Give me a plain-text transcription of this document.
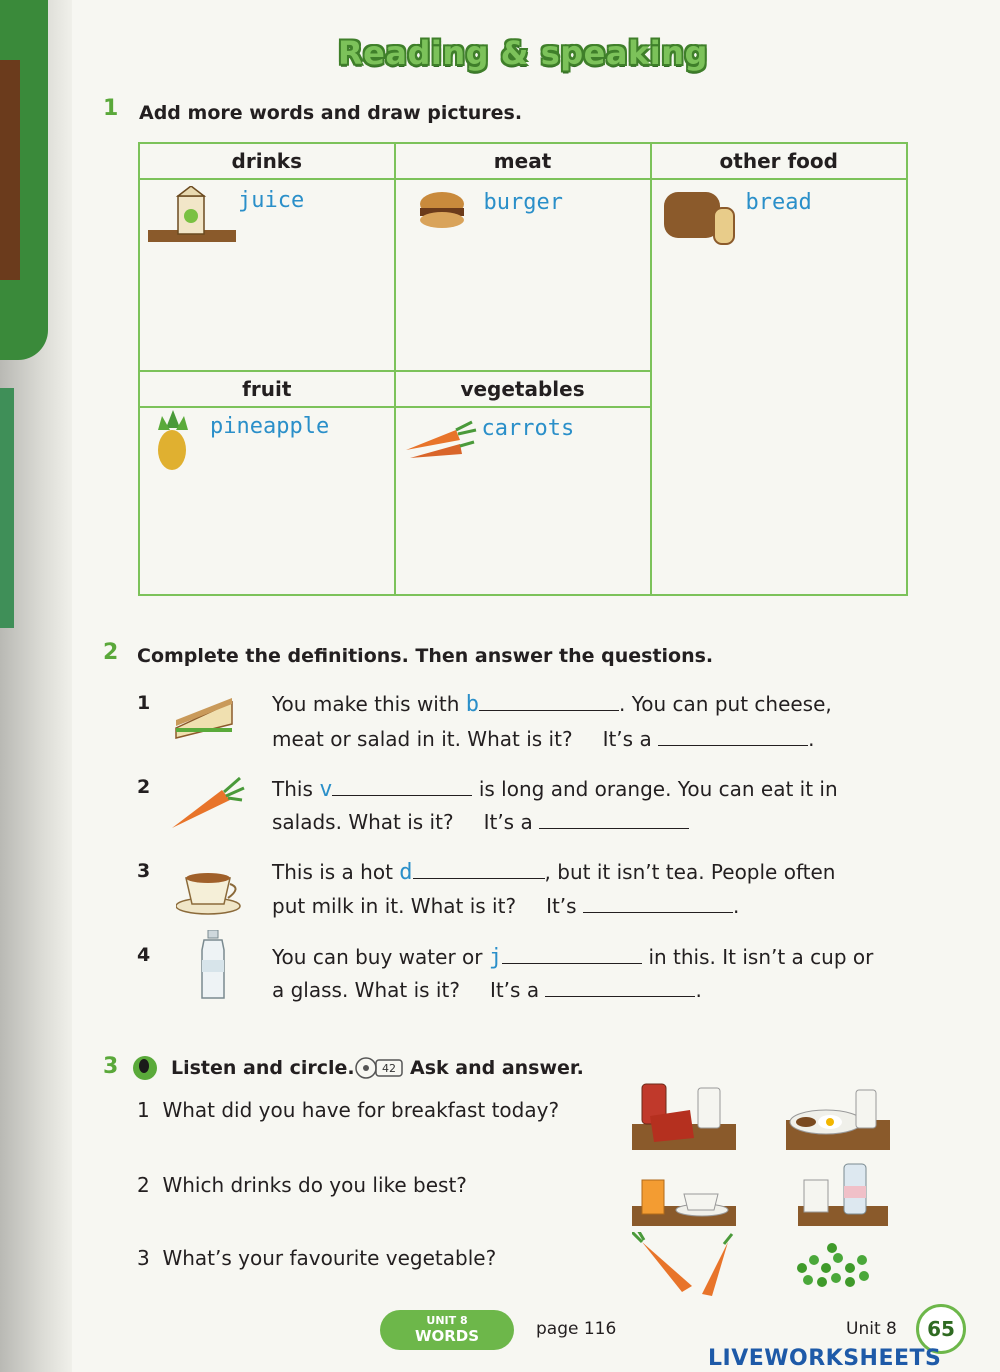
Reading & speaking
1 Add more words and draw pictures.
drinks	meat	other food

juice	burger	bread

fruit	vegetables	

pineapple	carrots	
2 Complete the definitions. Then answer the questions.
1	You make this with b	. You can put cheese,
meat or salad in it. What is it? It’s a	.
2	This v	is long and orange. You can eat it in
salads. What is it? It’s a
3	This is a hot d	, but it isn’t tea. People often
put milk in it. What is it? It’s	.
4	You can buy water or j	in this. It isn’t a cup or
a glass. What is it? It’s a	.
3	Listen and circle. 42 Ask and answer.
1 What did you have for breakfast today?
2 Which drinks do you like best?
3 What’s your favourite vegetable?
UNIT 8
WORDS	page 116	Unit 8	65
LIVEWORKSHEETS
